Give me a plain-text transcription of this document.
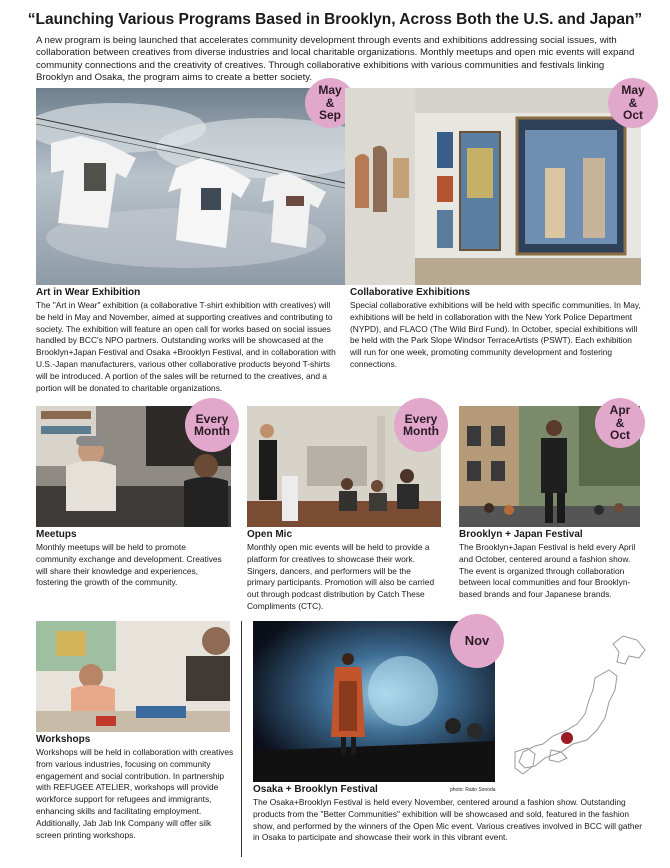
“Launching Various Programs Based in Brooklyn, Across Both the U.S. and Japan”
A new program is being launched that accelerates community development through events and exhibitions addressing social issues, with collaboration between creatives from diverse industries and local charitable organizations. Monthly meetups and open mic events will expand community connections and the creativity of creatives. Through collaborative exhibitions with various communities and festivals linking Brooklyn and Osaka, the program aims to create a better society.
May
&
Sep
May
&
Oct
Art in Wear Exhibition
The "Art in Wear" exhibition (a collaborative T-shirt exhibition with creatives) will be held in May and November, aimed at supporting creatives and contributing to society. The exhibition will feature an open call for works based on social issues handled by BCC's NPO partners. Outstanding works will be showcased at the Brooklyn+Japan Festival and Osaka +Brooklyn Festival, and in collaboration with U.S.-Japan manufacturers, various other collaborative products beyond T-shirts will be introduced. A portion of the sales will be returned to the creatives, and a portion will be donated to charitable organizations.
Collaborative Exhibitions
Special collaborative exhibitions will be held with specific communities. In May, exhibitions will be held in collaboration with the New York Police Department (NYPD), and FLACO (The Wild Bird Fund). In October, special exhibitions will be held with the Park Slope Windsor TerraceArtists (PSWT). Each exhibition will run for one week, promoting community development and fostering connections.
Every
Month
Every
Month
Apr
&
Oct
Meetups
Monthly meetups will be held to promote community exchange and development. Creatives will share their knowledge and experiences, fostering the growth of the community.
Open Mic
Monthly open mic events will be held to provide a platform for creatives to showcase their work. Singers, dancers, and performers will be the primary participants. Promotion will also be carried out through podcast distribution by Catch These Compliments (CTC).
Brooklyn + Japan Festival
The Brooklyn+Japan Festival is held every April and October, centered around a fashion show. The event is organized through collaboration between local communities and four Brooklyn-based brands and four Japanese brands.
Nov
Workshops
Workshops will be held in collaboration with creatives from various industries, focusing on community engagement and social contribution. In partnership with REFUGEE ATELIER, workshops will provide workforce support for refugees and immigrants, enhancing skills and facilitating employment. Additionally, Jab Jab Ink Company will offer silk screen printing workshops.
Osaka + Brooklyn Festival	photo: Raito Sonoda
The Osaka+Brooklyn Festival is held every November, centered around a fashion show. Outstanding products from the "Better Communities" exhibition will be showcased and sold, featured in the fashion show, and performed by the winners of the Open Mic event. Various creatives involved in BCC will gather in Osaka to participate and showcase their work in this vibrant event.
